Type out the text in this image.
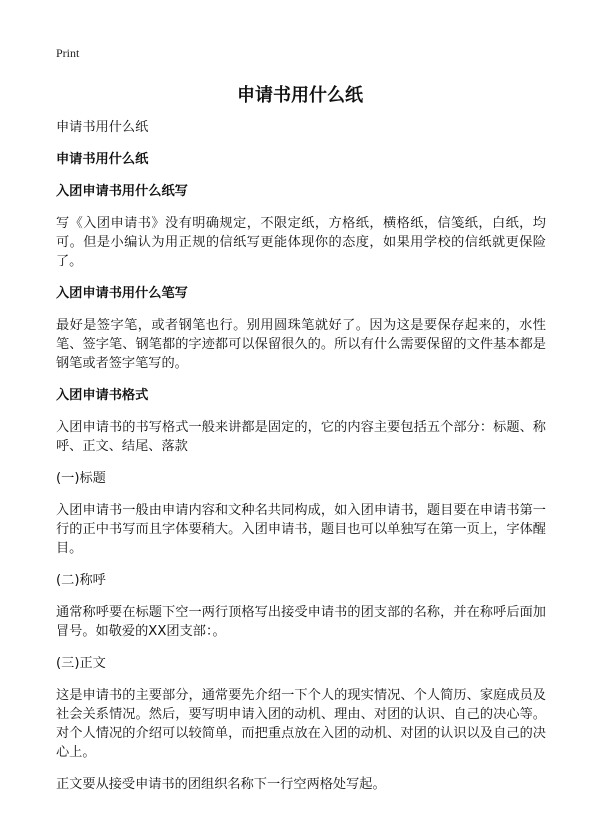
Print
申请书用什么纸

申请书用什么纸

申请书用什么纸

入团申请书用什么纸写

写《入团申请书》没有明确规定，不限定纸，方格纸，横格纸，信笺纸，白纸，均可。但是小编认为用正规的信纸写更能体现你的态度，如果用学校的信纸就更保险了。

入团申请书用什么笔写

最好是签字笔，或者钢笔也行。别用圆珠笔就好了。因为这是要保存起来的，水性笔、签字笔、钢笔都的字迹都可以保留很久的。所以有什么需要保留的文件基本都是钢笔或者签字笔写的。

入团申请书格式

入团申请书的书写格式一般来讲都是固定的，它的内容主要包括五个部分：标题、称呼、正文、结尾、落款

(一)标题

入团申请书一般由申请内容和文种名共同构成，如入团申请书，题目要在申请书第一行的正中书写而且字体要稍大。入团申请书，题目也可以单独写在第一页上，字体醒目。

(二)称呼

通常称呼要在标题下空一两行顶格写出接受申请书的团支部的名称，并在称呼后面加冒号。如敬爱的XX团支部：。

(三)正文

这是申请书的主要部分，通常要先介绍一下个人的现实情况、个人简历、家庭成员及社会关系情况。然后，要写明申请入团的动机、理由、对团的认识、自己的决心等。对个人情况的介绍可以较简单，而把重点放在入团的动机、对团的认识以及自己的决心上。

正文要从接受申请书的团组织名称下一行空两格处写起。
